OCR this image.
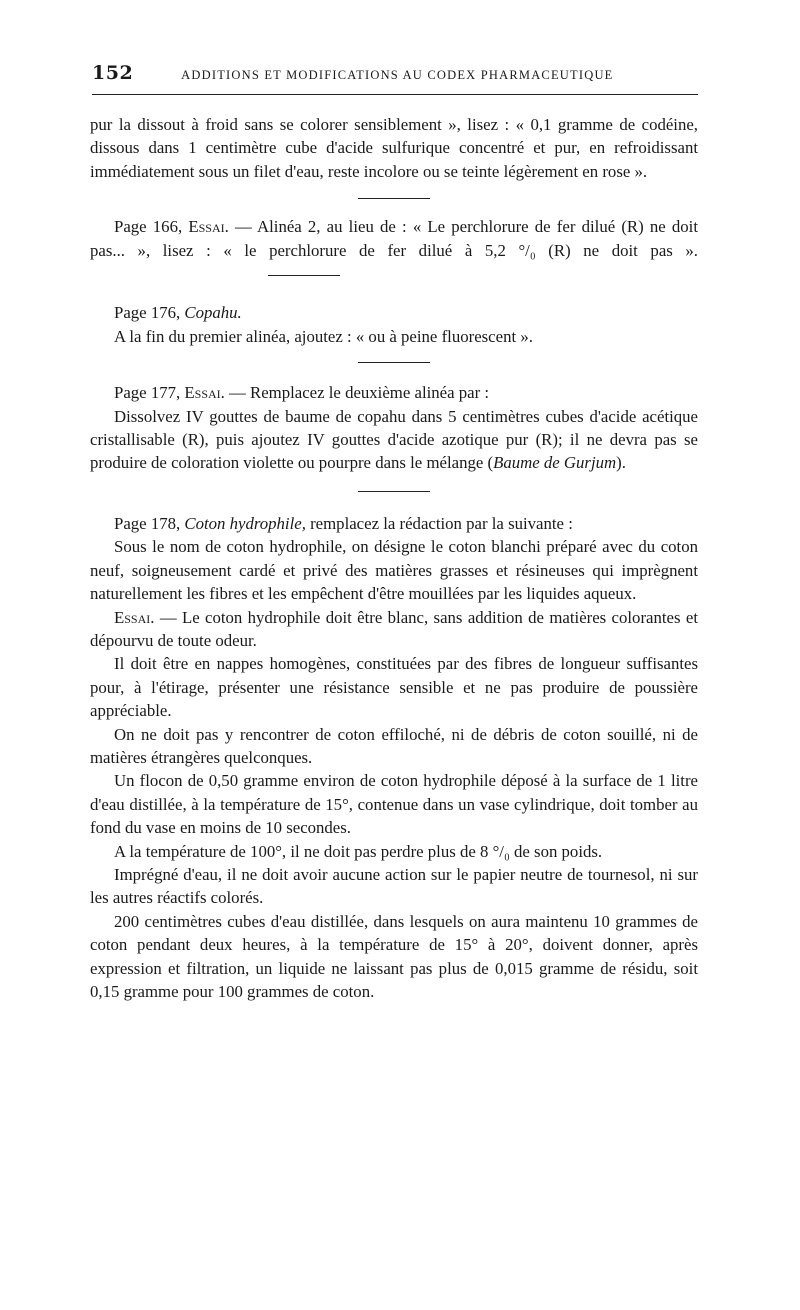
152	ADDITIONS ET MODIFICATIONS AU CODEX PHARMACEUTIQUE

pur la dissout à froid sans se colorer sensiblement », lisez : « 0,1 gramme de codéine, dissous dans 1 centimètre cube d'acide sulfurique concentré et pur, en refroidissant immédiatement sous un filet d'eau, reste incolore ou se teinte légèrement en rose ».

Page 166, Essai. — Alinéa 2, au lieu de : « Le perchlorure de fer dilué (R) ne doit pas... », lisez : « le perchlorure de fer dilué à 5,2 °/₀ (R) ne doit pas ».

Page 176, Copahu.

A la fin du premier alinéa, ajoutez : « ou à peine fluorescent ».

Page 177, Essai. — Remplacez le deuxième alinéa par :

Dissolvez IV gouttes de baume de copahu dans 5 centimètres cubes d'acide acétique cristallisable (R), puis ajoutez IV gouttes d'acide azotique pur (R); il ne devra pas se produire de coloration violette ou pourpre dans le mélange (Baume de Gurjum).

Page 178, Coton hydrophile, remplacez la rédaction par la suivante :

Sous le nom de coton hydrophile, on désigne le coton blanchi préparé avec du coton neuf, soigneusement cardé et privé des matières grasses et résineuses qui imprègnent naturellement les fibres et les empêchent d'être mouillées par les liquides aqueux.

Essai. — Le coton hydrophile doit être blanc, sans addition de matières colorantes et dépourvu de toute odeur.

Il doit être en nappes homogènes, constituées par des fibres de longueur suffisantes pour, à l'étirage, présenter une résistance sensible et ne pas produire de poussière appréciable.

On ne doit pas y rencontrer de coton effiloché, ni de débris de coton souillé, ni de matières étrangères quelconques.

Un flocon de 0,50 gramme environ de coton hydrophile déposé à la surface de 1 litre d'eau distillée, à la température de 15°, contenue dans un vase cylindrique, doit tomber au fond du vase en moins de 10 secondes.

A la température de 100°, il ne doit pas perdre plus de 8 °/₀ de son poids.

Imprégné d'eau, il ne doit avoir aucune action sur le papier neutre de tournesol, ni sur les autres réactifs colorés.

200 centimètres cubes d'eau distillée, dans lesquels on aura maintenu 10 grammes de coton pendant deux heures, à la température de 15° à 20°, doivent donner, après expression et filtration, un liquide ne laissant pas plus de 0,015 gramme de résidu, soit 0,15 gramme pour 100 grammes de coton.
